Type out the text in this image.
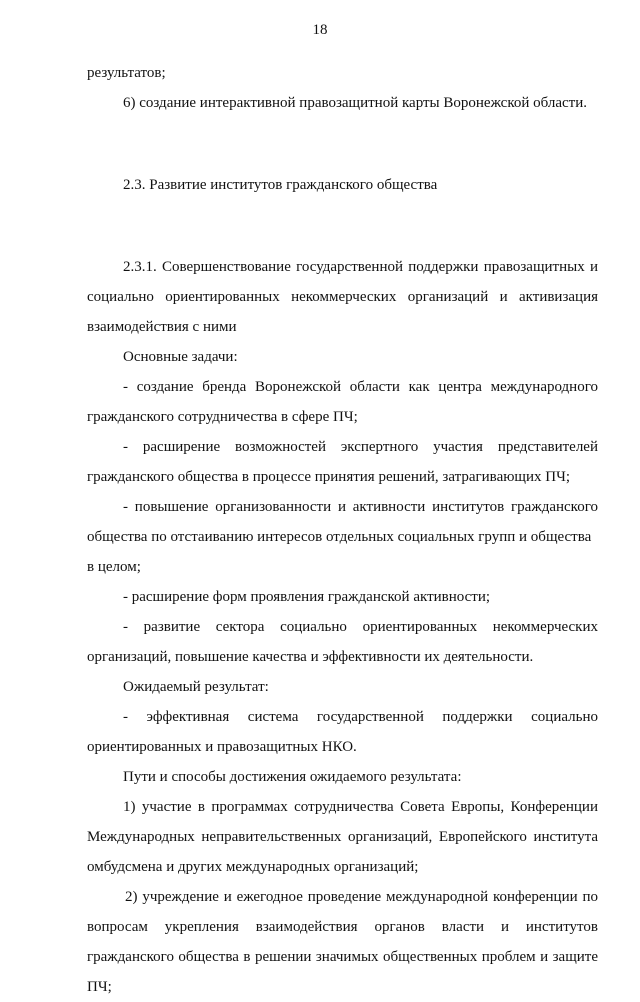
18
результатов;
6) создание интерактивной правозащитной карты Воронежской области.
2.3. Развитие институтов гражданского общества
2.3.1. Совершенствование государственной поддержки правозащитных и
социально ориентированных некоммерческих организаций и активизация
взаимодействия с ними
Основные задачи:
- создание бренда Воронежской области как центра международного
гражданского сотрудничества в сфере ПЧ;
- расширение возможностей экспертного участия представителей
гражданского общества в процессе принятия решений, затрагивающих ПЧ;
- повышение организованности и активности институтов гражданского
общества по отстаиванию интересов отдельных социальных групп и общества
в целом;
- расширение форм проявления гражданской активности;
- развитие сектора социально ориентированных некоммерческих
организаций, повышение качества и эффективности их деятельности.
Ожидаемый результат:
- эффективная система государственной поддержки социально
ориентированных и правозащитных НКО.
Пути и способы достижения ожидаемого результата:
1) участие в программах сотрудничества Совета Европы, Конференции
Международных неправительственных организаций, Европейского института
омбудсмена и других международных организаций;
2) учреждение и ежегодное проведение международной конференции по
вопросам укрепления взаимодействия органов власти и институтов
гражданского общества в решении значимых общественных проблем и защите
ПЧ;
